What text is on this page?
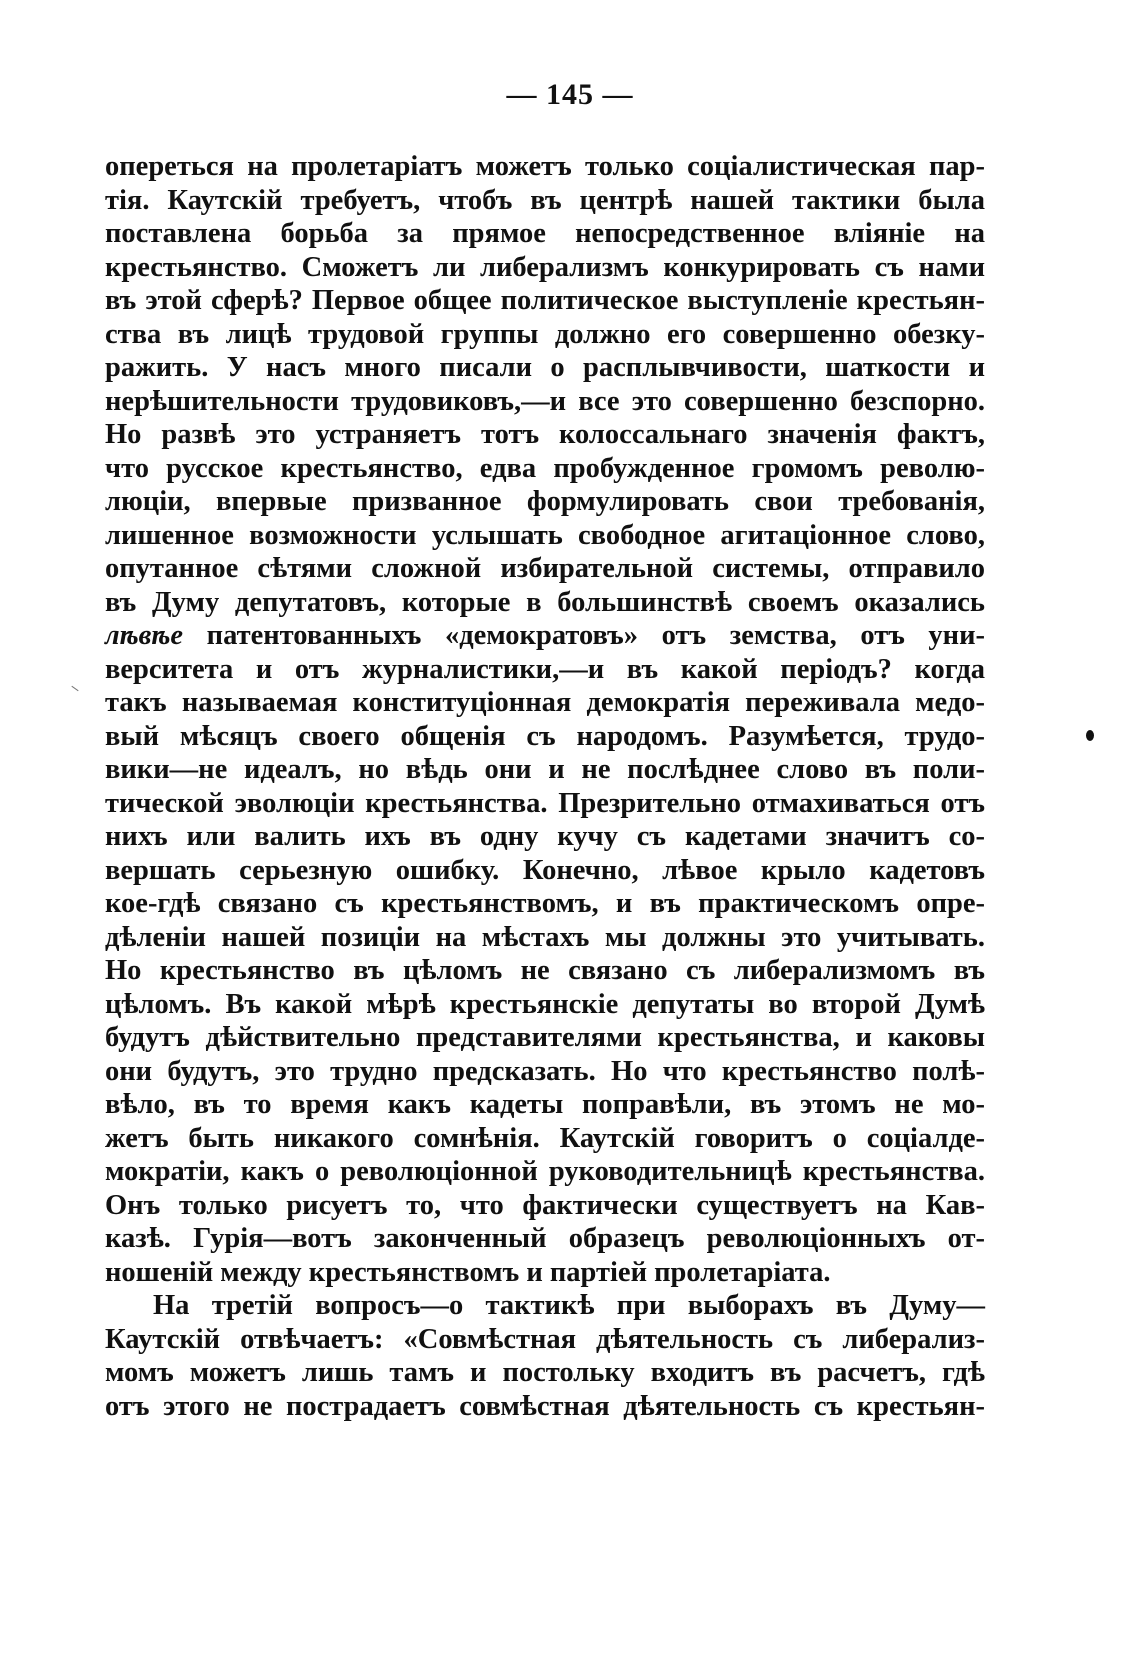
— 145 —
опереться на пролетаріатъ можетъ только соціалистическая пар-
тія. Каутскій требуетъ, чтобъ въ центрѣ нашей тактики была
поставлена борьба за прямое непосредственное вліяніе на
крестьянство. Сможетъ ли либерализмъ конкурировать съ нами
въ этой сферѣ? Первое общее политическое выступленіе крестьян-
ства въ лицѣ трудовой группы должно его совершенно обезку-
ражить. У насъ много писали о расплывчивости, шаткости и
нерѣшительности трудовиковъ,—и все это совершенно безспорно.
Но развѣ это устраняетъ тотъ колоссальнаго значенія фактъ,
что русское крестьянство, едва пробужденное громомъ револю-
люціи, впервые призванное формулировать свои требованія,
лишенное возможности услышать свободное агитаціонное слово,
опутанное сѣтями сложной избирательной системы, отправило
въ Думу депутатовъ, которые в большинствѣ своемъ оказались
лѣвѣе патентованныхъ «демократовъ» отъ земства, отъ уни-
верситета и отъ журналистики,—и въ какой періодъ? когда
такъ называемая конституціонная демократія переживала медо-
вый мѣсяцъ своего общенія съ народомъ. Разумѣется, трудо-
вики—не идеалъ, но вѣдь они и не послѣднее слово въ поли-
тической эволюціи крестьянства. Презрительно отмахиваться отъ
нихъ или валить ихъ въ одну кучу съ кадетами значитъ со-
вершать серьезную ошибку. Конечно, лѣвое крыло кадетовъ
кое-гдѣ связано съ крестьянствомъ, и въ практическомъ опре-
дѣленіи нашей позиціи на мѣстахъ мы должны это учитывать.
Но крестьянство въ цѣломъ не связано съ либерализмомъ въ
цѣломъ. Въ какой мѣрѣ крестьянскіе депутаты во второй Думѣ
будутъ дѣйствительно представителями крестьянства, и каковы
они будутъ, это трудно предсказать. Но что крестьянство полѣ-
вѣло, въ то время какъ кадеты поправѣли, въ этомъ не мо-
жетъ быть никакого сомнѣнія. Каутскій говоритъ о соціалде-
мократіи, какъ о революціонной руководительницѣ крестьянства.
Онъ только рисуетъ то, что фактически существуетъ на Кав-
казѣ. Гурія—вотъ законченный образецъ революціонныхъ от-
ношеній между крестьянствомъ и партіей пролетаріата.
На третій вопросъ—о тактикѣ при выборахъ въ Думу—
Каутскій отвѣчаетъ: «Совмѣстная дѣятельность съ либерализ-
момъ можетъ лишь тамъ и постольку входитъ въ расчетъ, гдѣ
отъ этого не пострадаетъ совмѣстная дѣятельность съ крестьян-
